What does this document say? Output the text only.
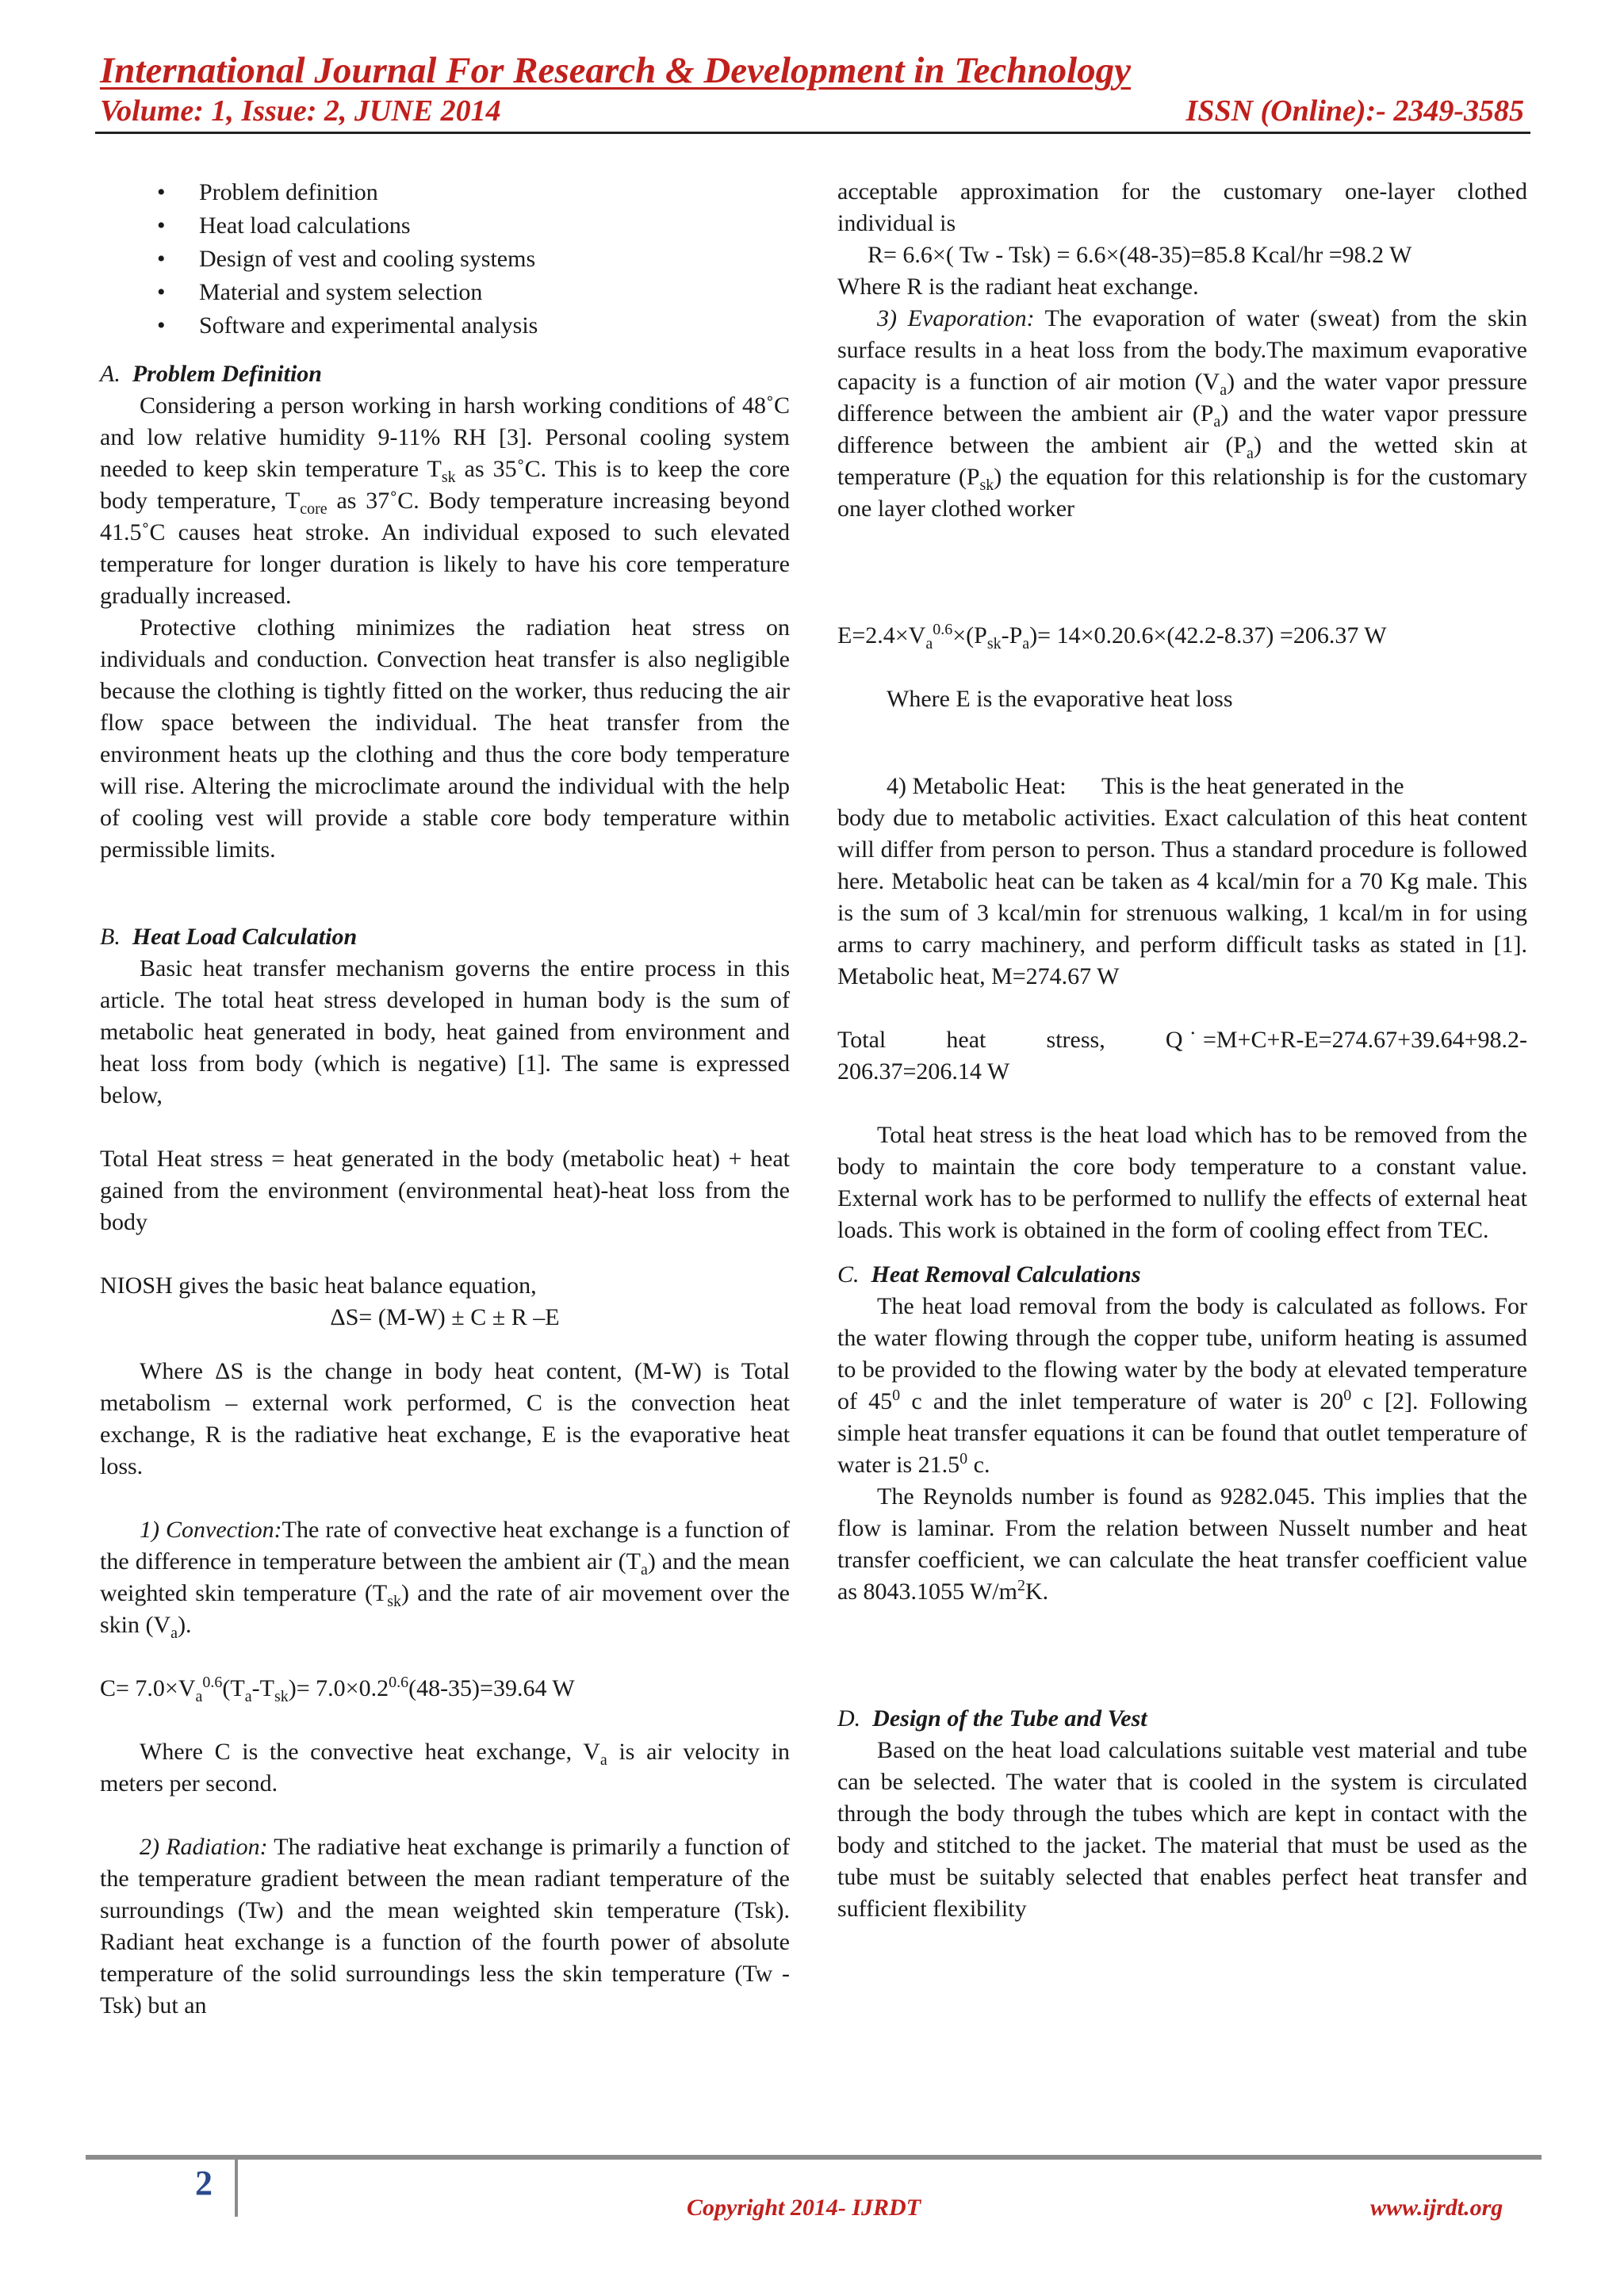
International Journal For Research & Development in Technology
Volume: 1, Issue: 2, JUNE 2014	ISSN (Online):- 2349-3585
• Problem definition
• Heat load calculations
• Design of vest and cooling systems
• Material and system selection
• Software and experimental analysis

A. Problem Definition

Considering a person working in harsh working conditions of 48˚C and low relative humidity 9-11% RH [3]. Personal cooling system needed to keep skin temperature $T_{sk}$ as 35˚C. This is to keep the core body temperature, $T_{core}$ as 37˚C. Body temperature increasing beyond 41.5˚C causes heat stroke. An individual exposed to such elevated temperature for longer duration is likely to have his core temperature gradually increased.

Protective clothing minimizes the radiation heat stress on individuals and conduction. Convection heat transfer is also negligible because the clothing is tightly fitted on the worker, thus reducing the air flow space between the individual. The heat transfer from the environment heats up the clothing and thus the core body temperature will rise. Altering the microclimate around the individual with the help of cooling vest will provide a stable core body temperature within permissible limits.

B. Heat Load Calculation

Basic heat transfer mechanism governs the entire process in this article. The total heat stress developed in human body is the sum of metabolic heat generated in body, heat gained from environment and heat loss from body (which is negative) [1]. The same is expressed below,

Total Heat stress = heat generated in the body (metabolic heat) + heat gained from the environment (environmental heat)-heat loss from the body

NIOSH gives the basic heat balance equation,

ΔS= (M-W) ± C ± R –E

Where ΔS is the change in body heat content, (M-W) is Total metabolism – external work performed, C is the convection heat exchange, R is the radiative heat exchange, E is the evaporative heat loss.

1) Convection:The rate of convective heat exchange is a function of the difference in temperature between the ambient air $(T_a)$ and the mean weighted skin temperature $(T_{sk})$ and the rate of air movement over the skin $(V_a)$.

$C= 7.0\times V_a^{0.6}(T_a-T_{sk})= 7.0\times 0.2^{0.6}(48-35)=39.64$ W

Where C is the convective heat exchange, $V_a$ is air velocity in meters per second.

2) Radiation: The radiative heat exchange is primarily a function of the temperature gradient between the mean radiant temperature of the surroundings (Tw) and the mean weighted skin temperature (Tsk). Radiant heat exchange is a function of the fourth power of absolute temperature of the solid surroundings less the skin temperature (Tw - Tsk) but an

acceptable approximation for the customary one-layer clothed individual is

R= 6.6×( Tw - Tsk) = 6.6×(48-35)=85.8 Kcal/hr =98.2 W

Where R is the radiant heat exchange.

3) Evaporation: The evaporation of water (sweat) from the skin surface results in a heat loss from the body.The maximum evaporative capacity is a function of air motion $(V_a)$ and the water vapor pressure difference between the ambient air $(P_a)$ and the water vapor pressure difference between the ambient air $(P_a)$ and the wetted skin at temperature $(P_{sk})$ the equation for this relationship is for the customary one layer clothed worker

$E=2.4\times V_a^{0.6}\times(P_{sk}-P_a)= 14\times 0.20.6\times(42.2-8.37) =206.37$ W

Where E is the evaporative heat loss

4) Metabolic Heat:      This is the heat generated in the

body due to metabolic activities. Exact calculation of this heat content will differ from person to person. Thus a standard procedure is followed here. Metabolic heat can be taken as 4 kcal/min for a 70 Kg male. This is the sum of 3 kcal/min for strenuous walking, 1 kcal/m in for using arms to carry machinery, and perform difficult tasks as stated in [1]. Metabolic heat, M=274.67 W

Total     heat     stress,     Q˙=M+C+R-E=274.67+39.64+98.2-206.37=206.14 W

Total heat stress is the heat load which has to be removed from the body to maintain the core body temperature to a constant value. External work has to be performed to nullify the effects of external heat loads. This work is obtained in the form of cooling effect from TEC.

C. Heat Removal Calculations

The heat load removal from the body is calculated as follows. For the water flowing through the copper tube, uniform heating is assumed to be provided to the flowing water by the body at elevated temperature of $45^0$ c and the inlet temperature of water is $20^0$ c [2]. Following simple heat transfer equations it can be found that outlet temperature of water is 21.5$^0$ c.

The Reynolds number is found as 9282.045. This implies that the flow is laminar. From the relation between Nusselt number and heat transfer coefficient, we can calculate the heat transfer coefficient value as 8043.1055 $W/m^2K$.

D. Design of the Tube and Vest

Based on the heat load calculations suitable vest material and tube can be selected. The water that is cooled in the system is circulated through the body through the tubes which are kept in contact with the body and stitched to the jacket. The material that must be used as the tube must be suitably selected that enables perfect heat transfer and sufficient flexibility

2
Copyright 2014- IJRDT	www.ijrdt.org
